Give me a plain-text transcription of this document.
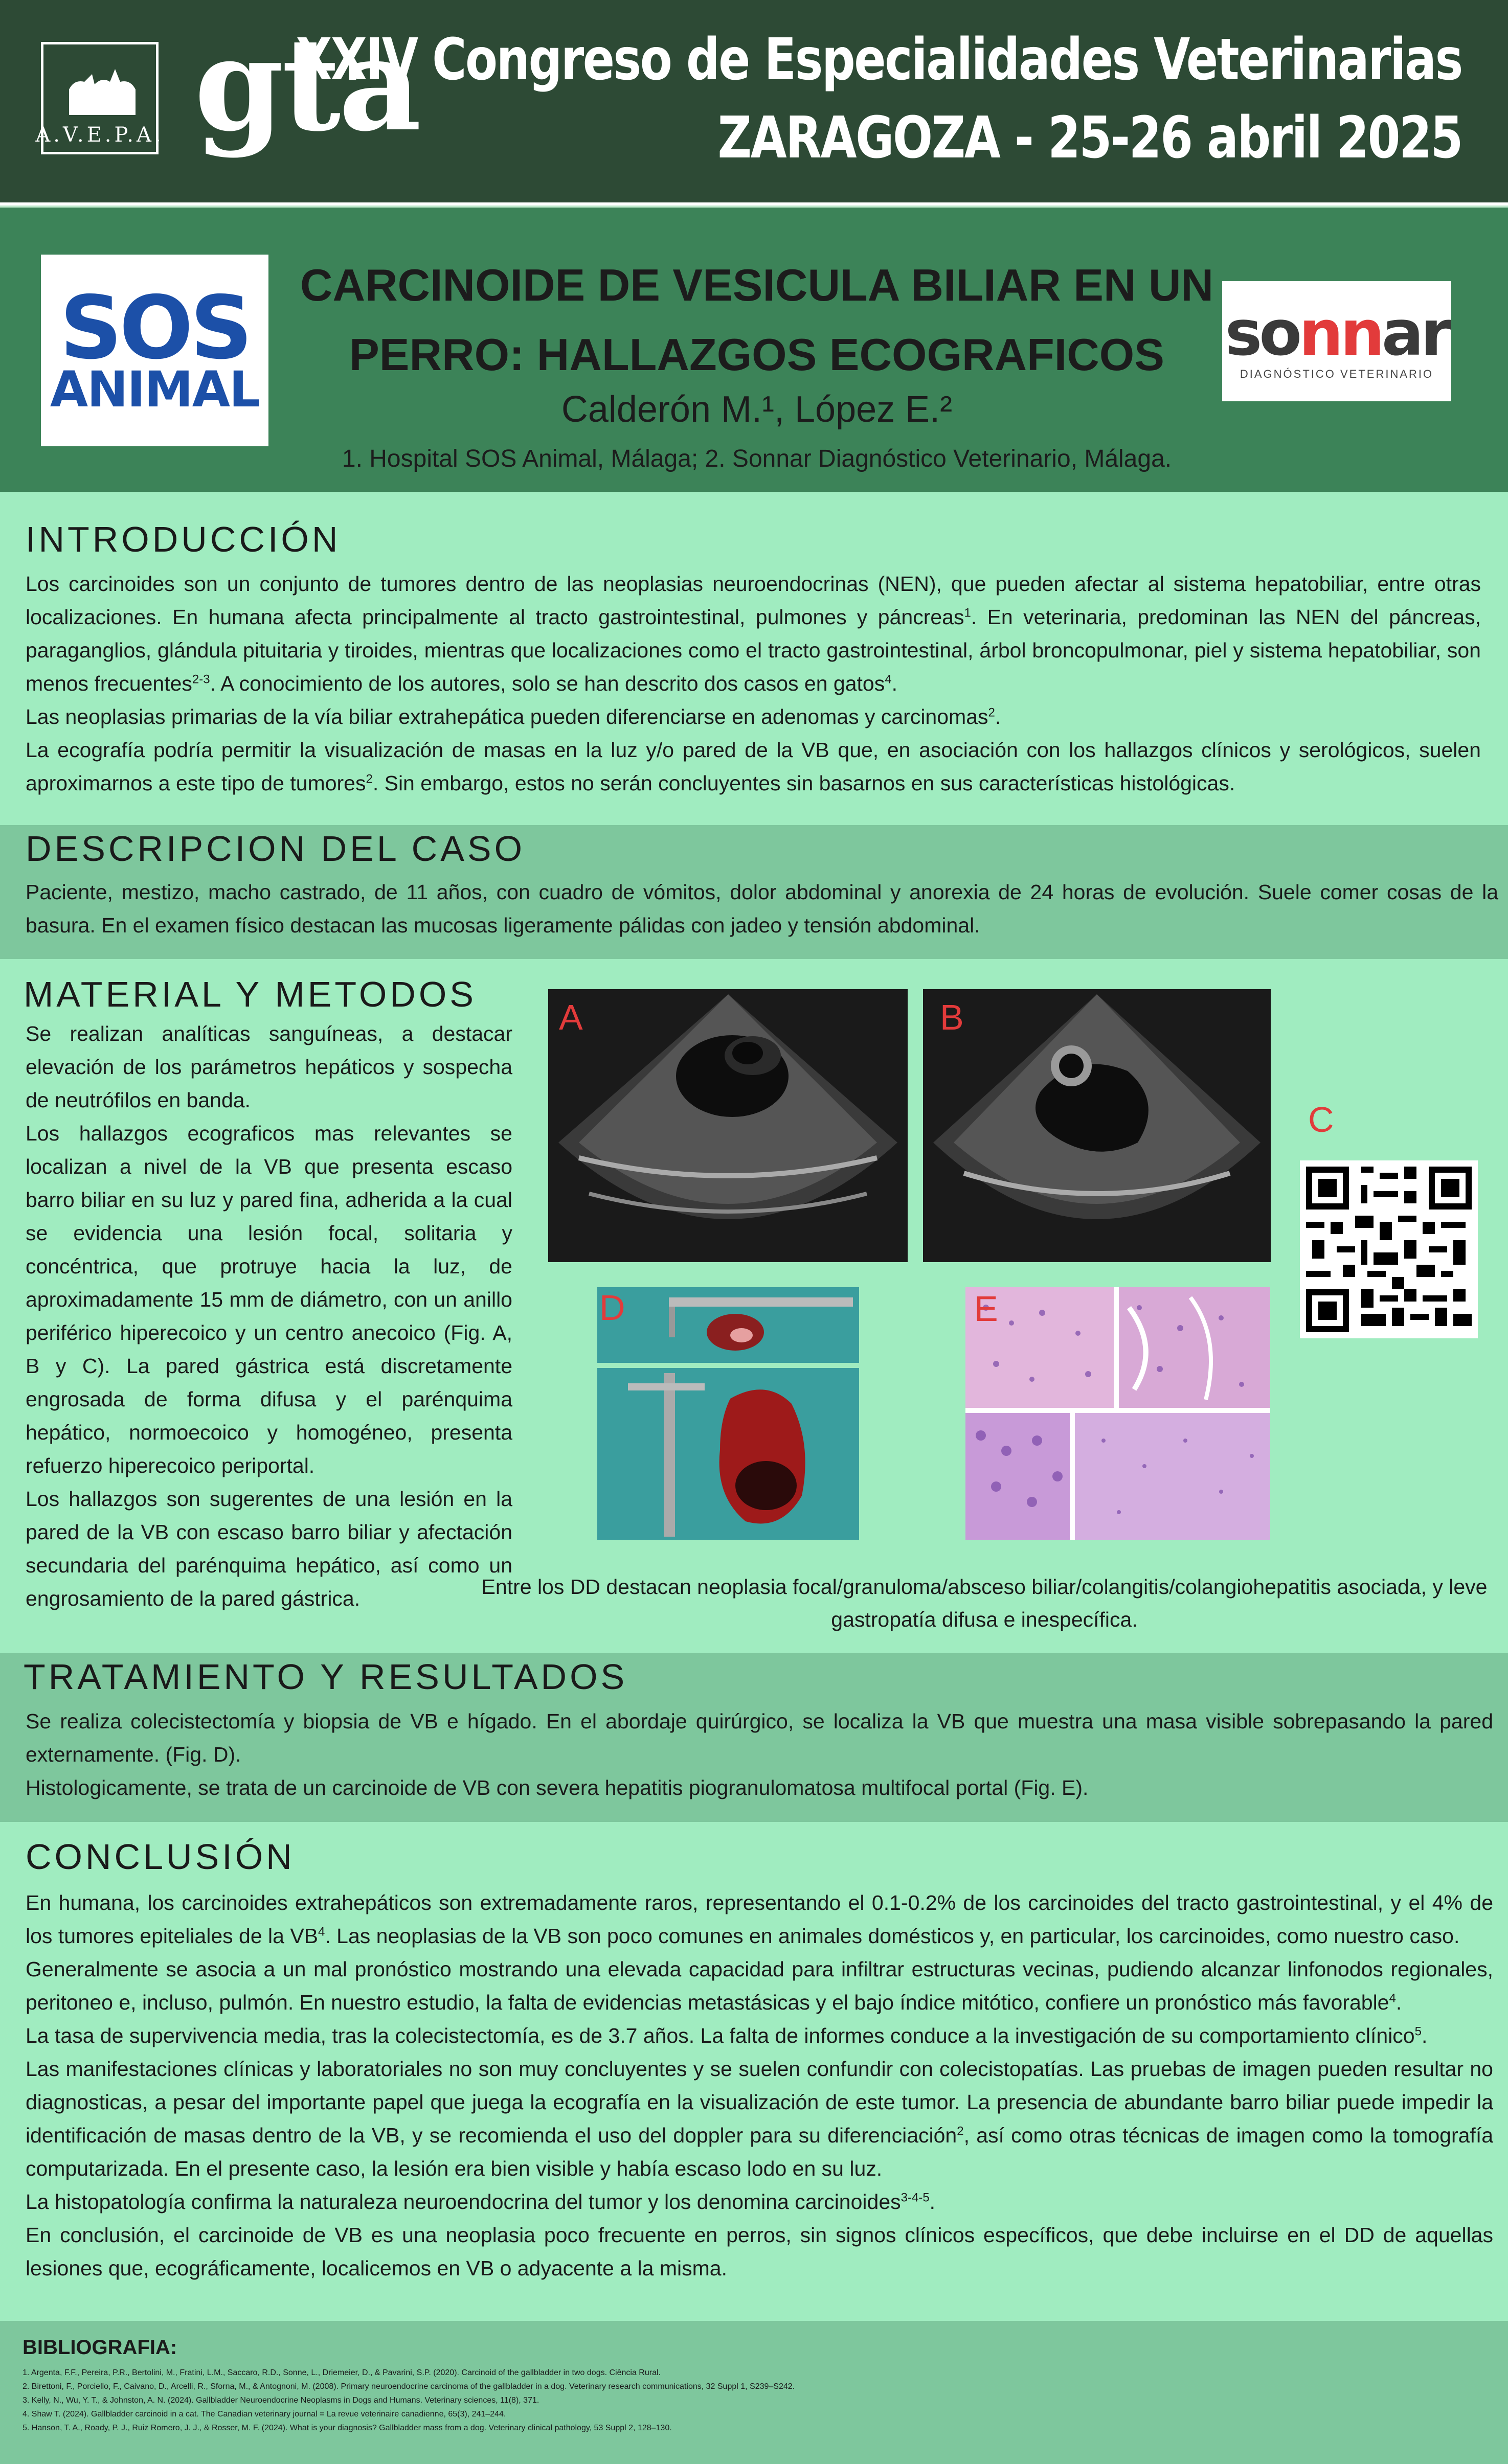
A.V.E.P.A. gta
XXIV Congreso de Especialidades Veterinarias
ZARAGOZA - 25-26 abril 2025
SOS
ANIMAL
CARCINOIDE DE VESICULA BILIAR EN UN
PERRO: HALLAZGOS ECOGRAFICOS
Calderón M.¹, López E.²
1. Hospital SOS Animal, Málaga; 2. Sonnar Diagnóstico Veterinario, Málaga.
sonnar
DIAGNÓSTICO VETERINARIO
INTRODUCCIÓN

Los carcinoides son un conjunto de tumores dentro de las neoplasias neuroendocrinas (NEN), que pueden afectar al sistema hepatobiliar, entre otras localizaciones. En humana afecta principalmente al tracto gastrointestinal, pulmones y páncreas$^1$. En veterinaria, predominan las NEN del páncreas, paraganglios, glándula pituitaria y tiroides, mientras que localizaciones como el tracto gastrointestinal, árbol broncopulmonar, piel y sistema hepatobiliar, son menos frecuentes$^{2-3}$. A conocimiento de los autores, solo se han descrito dos casos en gatos$^4$.

Las neoplasias primarias de la vía biliar extrahepática pueden diferenciarse en adenomas y carcinomas$^2$.

La ecografía podría permitir la visualización de masas en la luz y/o pared de la VB que, en asociación con los hallazgos clínicos y serológicos, suelen aproximarnos a este tipo de tumores$^2$. Sin embargo, estos no serán concluyentes sin basarnos en sus características histológicas.

DESCRIPCION DEL CASO

Paciente, mestizo, macho castrado, de 11 años, con cuadro de vómitos, dolor abdominal y anorexia de 24 horas de evolución. Suele comer cosas de la basura. En el examen físico destacan las mucosas ligeramente pálidas con jadeo y tensión abdominal.

MATERIAL Y METODOS

Se realizan analíticas sanguíneas, a destacar elevación de los parámetros hepáticos y sospecha de neutrófilos en banda.

Los hallazgos ecograficos mas relevantes se localizan a nivel de la VB que presenta escaso barro biliar en su luz y pared fina, adherida a la cual se evidencia una lesión focal, solitaria y concéntrica, que protruye hacia la luz, de aproximadamente 15 mm de diámetro, con un anillo periférico hiperecoico y un centro anecoico (Fig. A, B y C). La pared gástrica está discretamente engrosada de forma difusa y el parénquima hepático, normoecoico y homogéneo, presenta refuerzo hiperecoico periportal.

Los hallazgos son sugerentes de una lesión en la pared de la VB con escaso barro biliar y afectación secundaria del parénquima hepático, así como un engrosamiento de la pared gástrica.

A	B
C
D	E
Entre los DD destacan neoplasia focal/granuloma/absceso biliar/colangitis/colangiohepatitis asociada, y leve gastropatía difusa e inespecífica.
TRATAMIENTO Y RESULTADOS

Se realiza colecistectomía y biopsia de VB e hígado. En el abordaje quirúrgico, se localiza la VB que muestra una masa visible sobrepasando la pared externamente. (Fig. D).

Histologicamente, se trata de un carcinoide de VB con severa hepatitis piogranulomatosa multifocal portal (Fig. E).

CONCLUSIÓN

En humana, los carcinoides extrahepáticos son extremadamente raros, representando el 0.1-0.2% de los carcinoides del tracto gastrointestinal, y el 4% de los tumores epiteliales de la $VB^4$. Las neoplasias de la VB son poco comunes en animales domésticos y, en particular, los carcinoides, como nuestro caso.

Generalmente se asocia a un mal pronóstico mostrando una elevada capacidad para infiltrar estructuras vecinas, pudiendo alcanzar linfonodos regionales, peritoneo e, incluso, pulmón. En nuestro estudio, la falta de evidencias metastásicas y el bajo índice mitótico, confiere un pronóstico más favorable$^4$.

La tasa de supervivencia media, tras la colecistectomía, es de 3.7 años. La falta de informes conduce a la investigación de su comportamiento clínico$^5$.

Las manifestaciones clínicas y laboratoriales no son muy concluyentes y se suelen confundir con colecistopatías. Las pruebas de imagen pueden resultar no diagnosticas, a pesar del importante papel que juega la ecografía en la visualización de este tumor. La presencia de abundante barro biliar puede impedir la identificación de masas dentro de la VB, y se recomienda el uso del doppler para su diferenciación$^2$, así como otras técnicas de imagen como la tomografía computarizada. En el presente caso, la lesión era bien visible y había escaso lodo en su luz.

La histopatología confirma la naturaleza neuroendocrina del tumor y los denomina carcinoides$^{3-4-5}$.

En conclusión, el carcinoide de VB es una neoplasia poco frecuente en perros, sin signos clínicos específicos, que debe incluirse en el DD de aquellas lesiones que, ecográficamente, localicemos en VB o adyacente a la misma.

BIBLIOGRAFIA:
1. Argenta, F.F., Pereira, P.R., Bertolini, M., Fratini, L.M., Saccaro, R.D., Sonne, L., Driemeier, D., & Pavarini, S.P. (2020). Carcinoid of the gallbladder in two dogs. Ciência Rural.
2. Birettoni, F., Porciello, F., Caivano, D., Arcelli, R., Sforna, M., & Antognoni, M. (2008). Primary neuroendocrine carcinoma of the gallbladder in a dog. Veterinary research communications, 32 Suppl 1, S239–S242.
3. Kelly, N., Wu, Y. T., & Johnston, A. N. (2024). Gallbladder Neuroendocrine Neoplasms in Dogs and Humans. Veterinary sciences, 11(8), 371.
4. Shaw T. (2024). Gallbladder carcinoid in a cat. The Canadian veterinary journal = La revue veterinaire canadienne, 65(3), 241–244.
5. Hanson, T. A., Roady, P. J., Ruiz Romero, J. J., & Rosser, M. F. (2024). What is your diagnosis? Gallbladder mass from a dog. Veterinary clinical pathology, 53 Suppl 2, 128–130.
